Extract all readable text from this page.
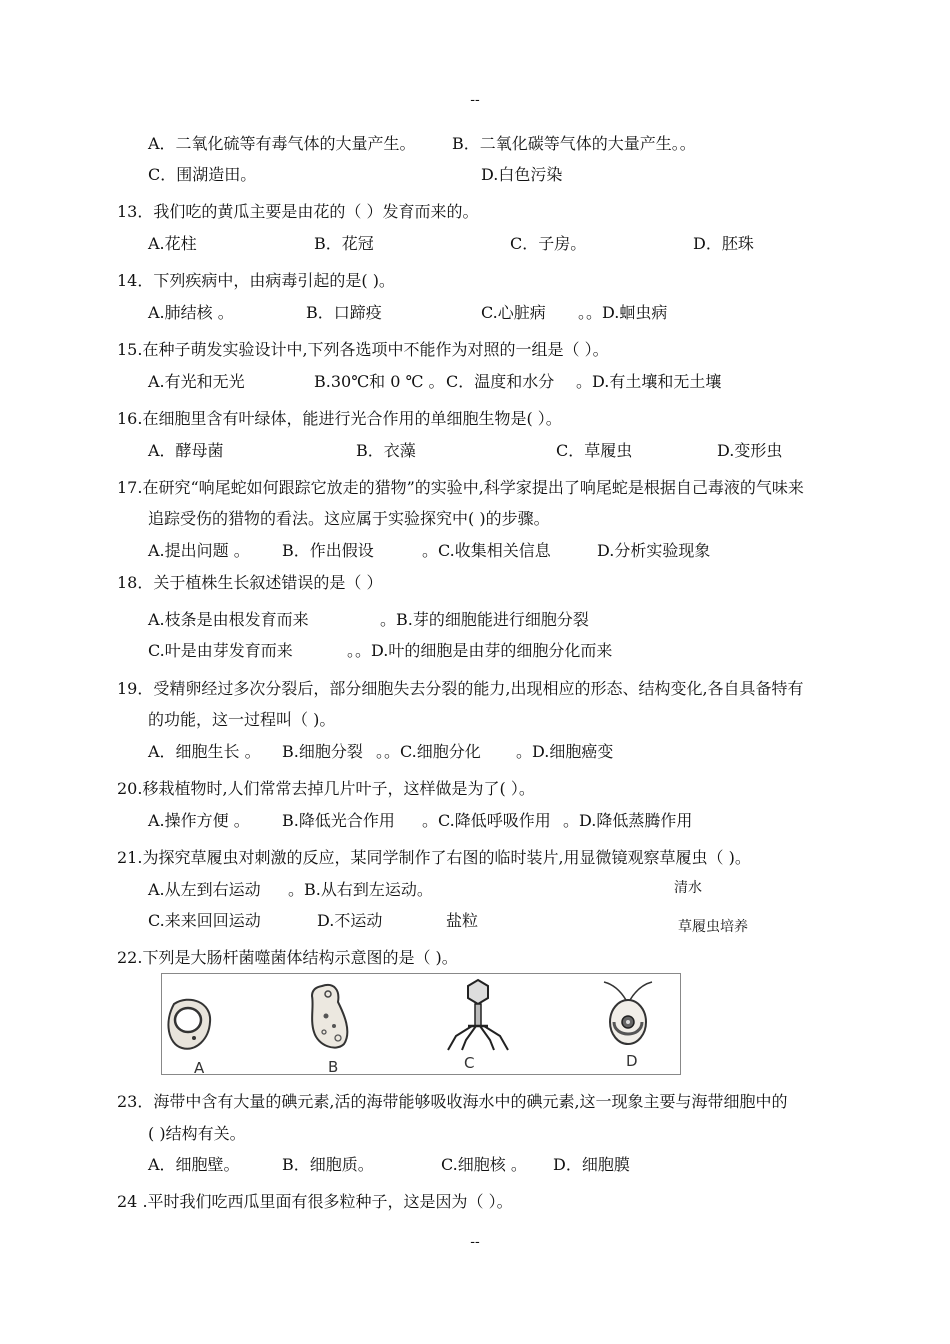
--
A．二氧化硫等有毒气体的大量产生。 B．二氧化碳等气体的大量产生。。
C．围湖造田。	D.白色污染
13．我们吃的黄瓜主要是由花的（ ）发育而来的。
A.花柱	B．花冠	C．子房。	D．胚珠
14．下列疾病中，由病毒引起的是( )。
A.肺结核 。	B．口蹄疫	C.心脏病 。。D.蛔虫病
15.在种子萌发实验设计中,下列各选项中不能作为对照的一组是（ ）。
A.有光和无光	B.30℃和 0 ℃ 。 C．温度和水分 。D.有土壤和无土壤
16.在细胞里含有叶绿体，能进行光合作用的单细胞生物是( ）。
A．酵母菌	B．衣藻	C．草履虫	D.变形虫
17.在研究“响尾蛇如何跟踪它放走的猎物”的实验中,科学家提出了响尾蛇是根据自己毒液的气味来
追踪受伤的猎物的看法。这应属于实验探究中( )的步骤。
A.提出问题 。 B．作出假设	。C.收集相关信息	D.分析实验现象
18．关于植株生长叙述错误的是（ ）
A.枝条是由根发育而来	。B.芽的细胞能进行细胞分裂
C.叶是由芽发育而来	。。D.叶的细胞是由芽的细胞分化而来
19．受精卵经过多次分裂后，部分细胞失去分裂的能力,出现相应的形态、结构变化,各自具备特有
的功能，这一过程叫（ )。
A．细胞生长 。 B.细胞分裂 。。C.细胞分化 。D.细胞癌变
20.移栽植物时,人们常常去掉几片叶子，这样做是为了( ）。
A.操作方便 。 B.降低光合作用 。C.降低呼吸作用 。D.降低蒸腾作用
21.为探究草履虫对刺激的反应，某同学制作了右图的临时装片,用显微镜观察草履虫（ )。
A.从左到右运动 。B.从右到左运动。	清水
C.来来回回运动	D.不运动	盐粒	草履虫培养
22.下列是大肠杆菌噬菌体结构示意图的是（ )。
A	B	C	D
23．海带中含有大量的碘元素,活的海带能够吸收海水中的碘元素,这一现象主要与海带细胞中的
( )结构有关。
A．细胞壁。	B．细胞质。	C.细胞核 。 D．细胞膜
24 .平时我们吃西瓜里面有很多粒种子，这是因为（ ）。
--
